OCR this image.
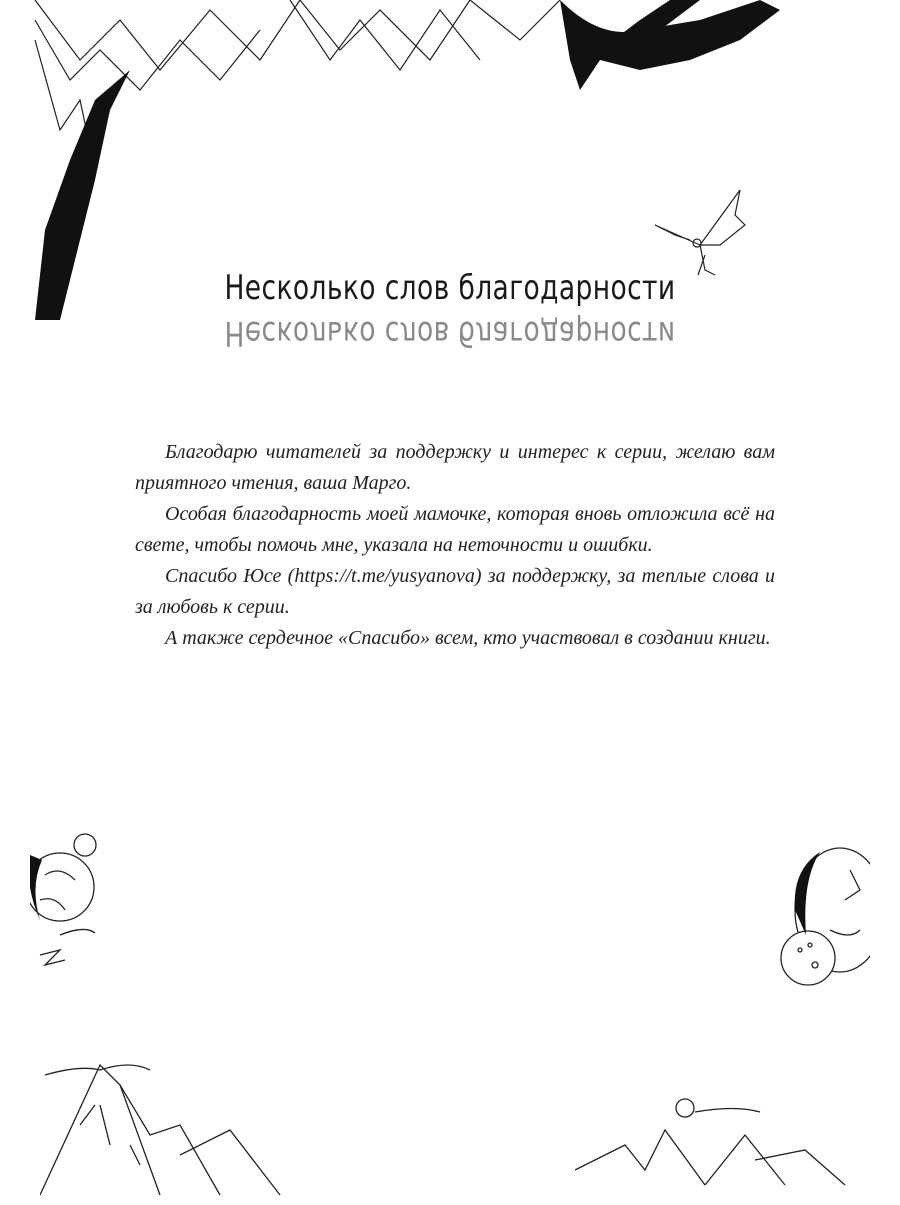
Несколько слов благодарности
Несколько слов благодарности

Благодарю читателей за поддержку и интерес к серии, желаю вам приятного чтения, ваша Марго.

Особая благодарность моей мамочке, которая вновь отложила всё на свете, чтобы помочь мне, указала на неточности и ошибки.

Спасибо Юсе (https://t.me/yusyanova) за поддержку, за теплые слова и за любовь к серии.

А также сердечное «Спасибо» всем, кто участвовал в создании книги.
